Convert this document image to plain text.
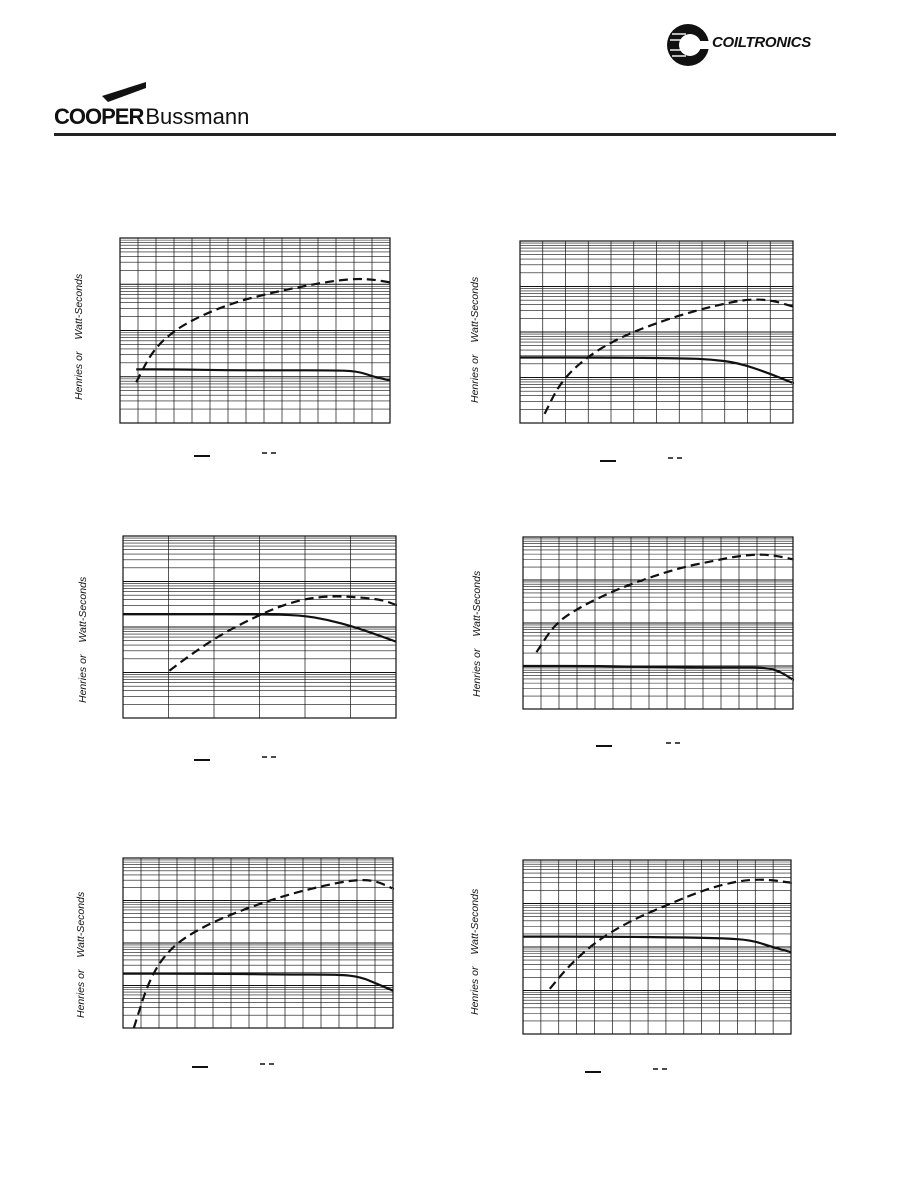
COOPERBussmann
COILTRONICS
Henries orWatt-Seconds
Henries orWatt-Seconds
Henries orWatt-Seconds
Henries orWatt-Seconds
Henries orWatt-Seconds
Henries orWatt-Seconds
